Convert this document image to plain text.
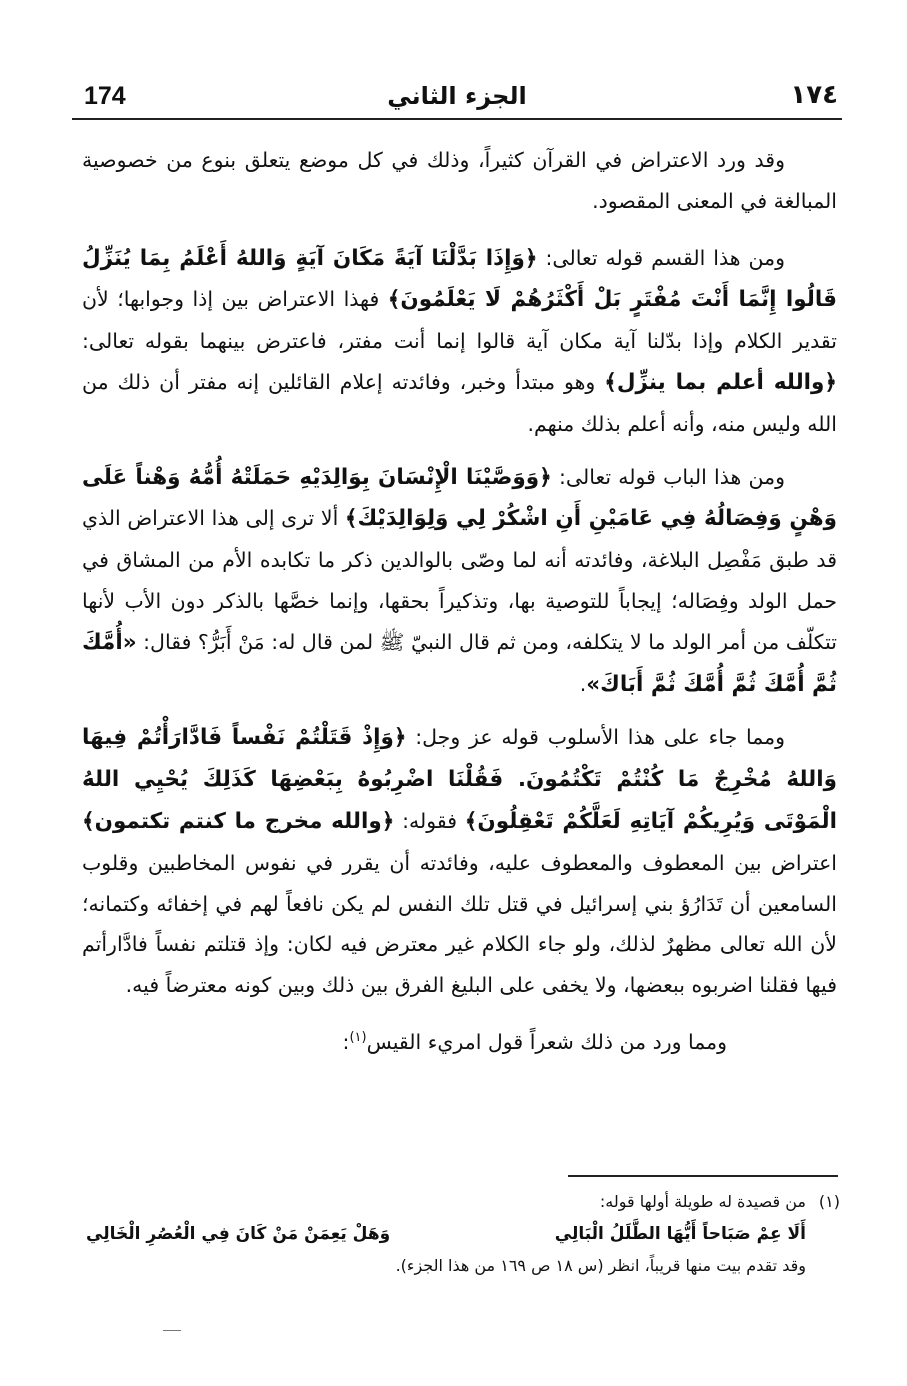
174	الجزء الثاني	١٧٤

وقد ورد الاعتراض في القرآن كثيراً، وذلك في كل موضع يتعلق بنوع من خصوصية المبالغة في المعنى المقصود.

ومن هذا القسم قوله تعالى: ﴿وَإِذَا بَدَّلْنَا آيَةً مَكَانَ آيَةٍ وَاللهُ أَعْلَمُ بِمَا يُنَزِّلُ قَالُوا إِنَّمَا أَنْتَ مُفْتَرٍ بَلْ أَكْثَرُهُمْ لَا يَعْلَمُونَ﴾ فهذا الاعتراض بين إذا وجوابها؛ لأن تقدير الكلام وإذا بدّلنا آية مكان آية قالوا إنما أنت مفتر، فاعترض بينهما بقوله تعالى: ﴿والله أعلم بما ينزِّل﴾ وهو مبتدأ وخبر، وفائدته إعلام القائلين إنه مفتر أن ذلك من الله وليس منه، وأنه أعلم بذلك منهم.

ومن هذا الباب قوله تعالى: ﴿وَوَصَّيْنَا الْإِنْسَانَ بِوَالِدَيْهِ حَمَلَتْهُ أُمُّهُ وَهْناً عَلَى وَهْنٍ وَفِصَالُهُ فِي عَامَيْنِ أَنِ اشْكُرْ لِي وَلِوَالِدَيْكَ﴾ ألا ترى إلى هذا الاعتراض الذي قد طبق مَفْصِل البلاغة، وفائدته أنه لما وصّى بالوالدين ذكر ما تكابده الأم من المشاق في حمل الولد وفِصَاله؛ إيجاباً للتوصية بها، وتذكيراً بحقها، وإنما خصَّها بالذكر دون الأب لأنها تتكلّف من أمر الولد ما لا يتكلفه، ومن ثم قال النبيّ ﷺ لمن قال له: مَنْ أَبَرُّ؟ فقال: «أُمَّكَ ثُمَّ أُمَّكَ ثُمَّ أُمَّكَ ثُمَّ أَبَاكَ».

ومما جاء على هذا الأسلوب قوله عز وجل: ﴿وَإِذْ قَتَلْتُمْ نَفْساً فَادَّارَأْتُمْ فِيهَا وَاللهُ مُخْرِجٌ مَا كُنْتُمْ تَكْتُمُونَ. فَقُلْنَا اضْرِبُوهُ بِبَعْضِهَا كَذَلِكَ يُحْيِي اللهُ الْمَوْتَى وَيُرِيكُمْ آيَاتِهِ لَعَلَّكُمْ تَعْقِلُونَ﴾ فقوله: ﴿والله مخرج ما كنتم تكتمون﴾ اعتراض بين المعطوف والمعطوف عليه، وفائدته أن يقرر في نفوس المخاطبين وقلوب السامعين أن تَدَارُؤ بني إسرائيل في قتل تلك النفس لم يكن نافعاً لهم في إخفائه وكتمانه؛ لأن الله تعالى مظهرٌ لذلك، ولو جاء الكلام غير معترض فيه لكان: وإذ قتلتم نفساً فادَّارأتم فيها فقلنا اضربوه ببعضها، ولا يخفى على البليغ الفرق بين ذلك وبين كونه معترضاً فيه.

ومما ورد من ذلك شعراً قول امريء القيس$^{(١)}$:

(١)من قصيدة له طويلة أولها قوله:
أَلَا عِمْ صَبَاحاً أَيُّهَا الطَّلَلُ الْبَالِي
وَهَلْ يَعِمَنْ مَنْ كَانَ فِي الْعُصُرِ الْخَالِي
وقد تقدم بيت منها قريباً، انظر (س ١٨ ص ١٦٩ من هذا الجزء).
